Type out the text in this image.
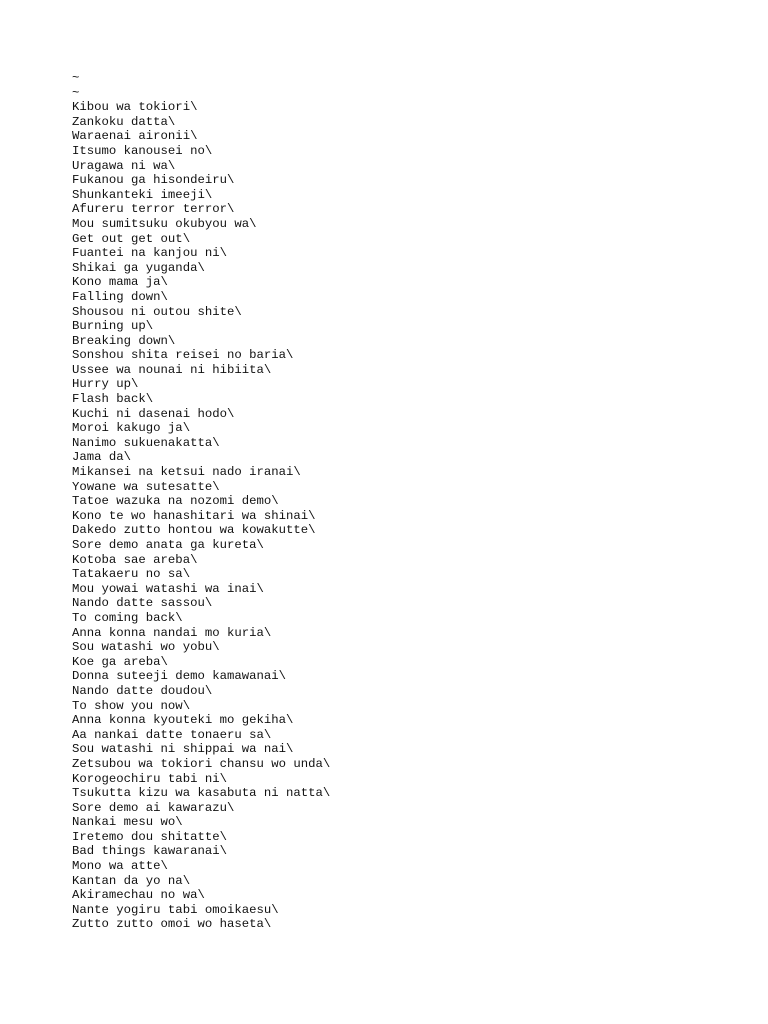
~
~
Kibou wa tokiori\
Zankoku datta\
Waraenai aironii\
Itsumo kanousei no\
Uragawa ni wa\
Fukanou ga hisondeiru\
Shunkanteki imeeji\
Afureru terror terror\
Mou sumitsuku okubyou wa\
Get out get out\
Fuantei na kanjou ni\
Shikai ga yuganda\
Kono mama ja\
Falling down\
Shousou ni outou shite\
Burning up\
Breaking down\
Sonshou shita reisei no baria\
Ussee wa nounai ni hibiita\
Hurry up\
Flash back\
Kuchi ni dasenai hodo\
Moroi kakugo ja\
Nanimo sukuenakatta\
Jama da\
Mikansei na ketsui nado iranai\
Yowane wa sutesatte\
Tatoe wazuka na nozomi demo\
Kono te wo hanashitari wa shinai\
Dakedo zutto hontou wa kowakutte\
Sore demo anata ga kureta\
Kotoba sae areba\
Tatakaeru no sa\
Mou yowai watashi wa inai\
Nando datte sassou\
To coming back\
Anna konna nandai mo kuria\
Sou watashi wo yobu\
Koe ga areba\
Donna suteeji demo kamawanai\
Nando datte doudou\
To show you now\
Anna konna kyouteki mo gekiha\
Aa nankai datte tonaeru sa\
Sou watashi ni shippai wa nai\
Zetsubou wa tokiori chansu wo unda\
Korogeochiru tabi ni\
Tsukutta kizu wa kasabuta ni natta\
Sore demo ai kawarazu\
Nankai mesu wo\
Iretemo dou shitatte\
Bad things kawaranai\
Mono wa atte\
Kantan da yo na\
Akiramechau no wa\
Nante yogiru tabi omoikaesu\
Zutto zutto omoi wo haseta\
